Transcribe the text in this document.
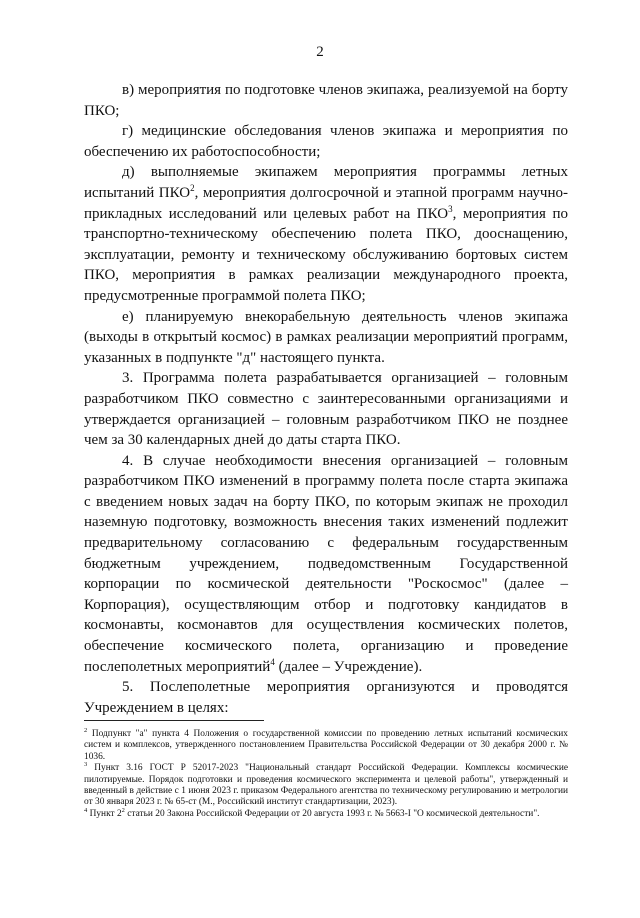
2

в) мероприятия по подготовке членов экипажа, реализуемой на борту ПКО;

г) медицинские обследования членов экипажа и мероприятия по обеспечению их работоспособности;

д) выполняемые экипажем мероприятия программы летных испытаний ПКО$^2$, мероприятия долгосрочной и этапной программ научно-прикладных исследований или целевых работ на ПКО$^3$, мероприятия по транспортно-техническому обеспечению полета ПКО, дооснащению, эксплуатации, ремонту и техническому обслуживанию бортовых систем ПКО, мероприятия в рамках реализации международного проекта, предусмотренные программой полета ПКО;

е) планируемую внекорабельную деятельность членов экипажа (выходы в открытый космос) в рамках реализации мероприятий программ, указанных в подпункте "д" настоящего пункта.

3. Программа полета разрабатывается организацией – головным разработчиком ПКО совместно с заинтересованными организациями и утверждается организацией – головным разработчиком ПКО не позднее чем за 30 календарных дней до даты старта ПКО.

4. В случае необходимости внесения организацией – головным разработчиком ПКО изменений в программу полета после старта экипажа с введением новых задач на борту ПКО, по которым экипаж не проходил наземную подготовку, возможность внесения таких изменений подлежит предварительному согласованию с федеральным государственным бюджетным учреждением, подведомственным Государственной корпорации по космической деятельности "Роскосмос" (далее – Корпорация), осуществляющим отбор и подготовку кандидатов в космонавты, космонавтов для осуществления космических полетов, обеспечение космического полета, организацию и проведение послеполетных мероприятий$^4$ (далее – Учреждение).

5. Послеполетные мероприятия организуются и проводятся Учреждением в целях:

$^2$ Подпункт "а" пункта 4 Положения о государственной комиссии по проведению летных испытаний космических систем и комплексов, утвержденного постановлением Правительства Российской Федерации от 30 декабря 2000 г. № 1036.

$^3$ Пункт 3.16 ГОСТ Р 52017-2023 "Национальный стандарт Российской Федерации. Комплексы космические пилотируемые. Порядок подготовки и проведения космического эксперимента и целевой работы", утвержденный и введенный в действие с 1 июня 2023 г. приказом Федерального агентства по техническому регулированию и метрологии от 30 января 2023 г. № 65-ст (М., Российский институт стандартизации, 2023).

$^4$ Пункт $2^2$ статьи 20 Закона Российской Федерации от 20 августа 1993 г. № 5663-I "О космической деятельности".
